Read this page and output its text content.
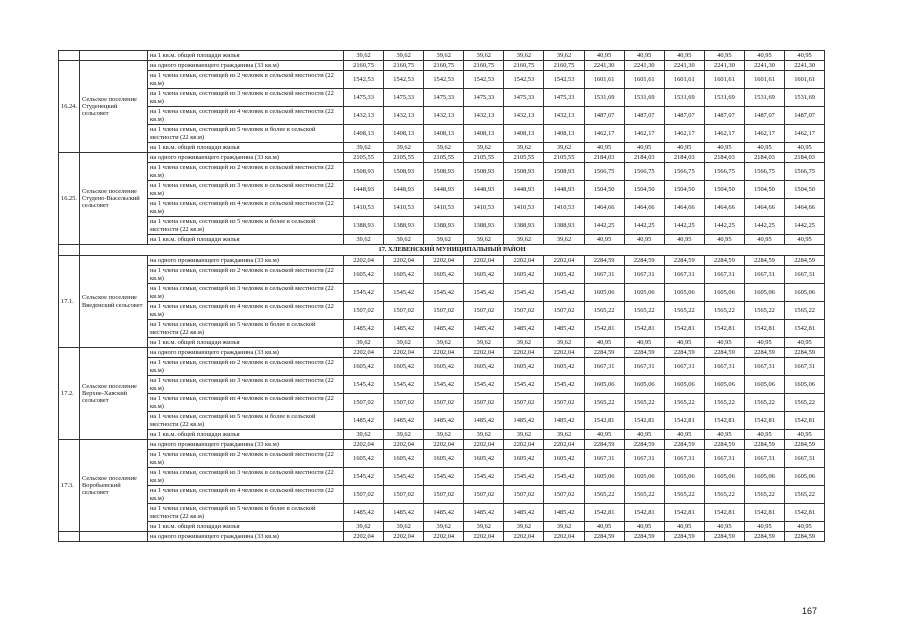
		на 1 кв.м. общей площади жилья	39,62	39,62	39,62	39,62	39,62	39,62	40,95	40,95	40,95	40,95	40,95	40,95
16.24.	Сельское поселение Студенецкий сельсовет	на одного проживающего гражданина (33 кв.м)	2160,75	2160,75	2160,75	2160,75	2160,75	2160,75	2241,30	2241,30	2241,30	2241,30	2241,30	2241,30
		на 1 члена семьи, состоящей из 2 человек в сельской местности (22 кв.м)	1542,53	1542,53	1542,53	1542,53	1542,53	1542,53	1601,61	1601,61	1601,61	1601,61	1601,61	1601,61
		на 1 члена семьи, состоящей из 3 человек в сельской местности (22 кв.м)	1475,33	1475,33	1475,33	1475,33	1475,33	1475,33	1531,69	1531,69	1531,69	1531,69	1531,69	1531,69
		на 1 члена семьи, состоящей из 4 человек в сельской местности (22 кв.м)	1432,13	1432,13	1432,13	1432,13	1432,13	1432,13	1487,07	1487,07	1487,07	1487,07	1487,07	1487,07
		на 1 члена семьи, состоящей из 5 человек и более в сельской местности (22 кв.м)	1408,13	1408,13	1408,13	1408,13	1408,13	1408,13	1462,17	1462,17	1462,17	1462,17	1462,17	1462,17
		на 1 кв.м. общей площади жилья	39,62	39,62	39,62	39,62	39,62	39,62	40,95	40,95	40,95	40,95	40,95	40,95
16.25.	Сельское поселение Студено-Высельский сельсовет	на одного проживающего гражданина (33 кв.м)	2105,55	2105,55	2105,55	2105,55	2105,55	2105,55	2184,03	2184,03	2184,03	2184,03	2184,03	2184,03
		на 1 члена семьи, состоящей из 2 человек в сельской местности (22 кв.м)	1508,93	1508,93	1508,93	1508,93	1508,93	1508,93	1566,75	1566,75	1566,75	1566,75	1566,75	1566,75
		на 1 члена семьи, состоящей из 3 человек в сельской местности (22 кв.м)	1448,93	1448,93	1448,93	1448,93	1448,93	1448,93	1504,50	1504,50	1504,50	1504,50	1504,50	1504,50
		на 1 члена семьи, состоящей из 4 человек в сельской местности (22 кв.м)	1410,53	1410,53	1410,53	1410,53	1410,53	1410,53	1464,66	1464,66	1464,66	1464,66	1464,66	1464,66
		на 1 члена семьи, состоящей из 5 человек и более в сельской местности (22 кв.м)	1388,93	1388,93	1388,93	1388,93	1388,93	1388,93	1442,25	1442,25	1442,25	1442,25	1442,25	1442,25
		на 1 кв.м. общей площади жилья	39,62	39,62	39,62	39,62	39,62	39,62	40,95	40,95	40,95	40,95	40,95	40,95
	17. ХЛЕВЕНСКИЙ МУНИЦИПАЛЬНЫЙ РАЙОН													
17.1.	Сельское поселение Введенский сельсовет	на одного проживающего гражданина (33 кв.м)	2202,04	2202,04	2202,04	2202,04	2202,04	2202,04	2284,59	2284,59	2284,59	2284,59	2284,59	2284,59
		на 1 члена семьи, состоящей из 2 человек в сельской местности (22 кв.м)	1605,42	1605,42	1605,42	1605,42	1605,42	1605,42	1667,31	1667,31	1667,31	1667,31	1667,31	1667,31
		на 1 члена семьи, состоящей из 3 человек в сельской местности (22 кв.м)	1545,42	1545,42	1545,42	1545,42	1545,42	1545,42	1605,06	1605,06	1605,06	1605,06	1605,06	1605,06
		на 1 члена семьи, состоящей из 4 человек в сельской местности (22 кв.м)	1507,02	1507,02	1507,02	1507,02	1507,02	1507,02	1565,22	1565,22	1565,22	1565,22	1565,22	1565,22
		на 1 члена семьи, состоящей из 5 человек и более в сельской местности (22 кв.м)	1485,42	1485,42	1485,42	1485,42	1485,42	1485,42	1542,81	1542,81	1542,81	1542,81	1542,81	1542,81
		на 1 кв.м. общей площади жилья	39,62	39,62	39,62	39,62	39,62	39,62	40,95	40,95	40,95	40,95	40,95	40,95
17.2.	Сельское поселение Верхне-Хавский сельсовет	на одного проживающего гражданина (33 кв.м)	2202,04	2202,04	2202,04	2202,04	2202,04	2202,04	2284,59	2284,59	2284,59	2284,59	2284,59	2284,59
		на 1 члена семьи, состоящей из 2 человек в сельской местности (22 кв.м)	1605,42	1605,42	1605,42	1605,42	1605,42	1605,42	1667,31	1667,31	1667,31	1667,31	1667,31	1667,31
		на 1 члена семьи, состоящей из 3 человек в сельской местности (22 кв.м)	1545,42	1545,42	1545,42	1545,42	1545,42	1545,42	1605,06	1605,06	1605,06	1605,06	1605,06	1605,06
		на 1 члена семьи, состоящей из 4 человек в сельской местности (22 кв.м)	1507,02	1507,02	1507,02	1507,02	1507,02	1507,02	1565,22	1565,22	1565,22	1565,22	1565,22	1565,22
		на 1 члена семьи, состоящей из 5 человек и более в сельской местности (22 кв.м)	1485,42	1485,42	1485,42	1485,42	1485,42	1485,42	1542,81	1542,81	1542,81	1542,81	1542,81	1542,81
		на 1 кв.м. общей площади жилья	39,62	39,62	39,62	39,62	39,62	39,62	40,95	40,95	40,95	40,95	40,95	40,95
17.3.	Сельское поселение Воробьевский сельсовет	на одного проживающего гражданина (33 кв.м)	2202,04	2202,04	2202,04	2202,04	2202,04	2202,04	2284,59	2284,59	2284,59	2284,59	2284,59	2284,59
		на 1 члена семьи, состоящей из 2 человек в сельской местности (22 кв.м)	1605,42	1605,42	1605,42	1605,42	1605,42	1605,42	1667,31	1667,31	1667,31	1667,31	1667,31	1667,31
		на 1 члена семьи, состоящей из 3 человек в сельской местности (22 кв.м)	1545,42	1545,42	1545,42	1545,42	1545,42	1545,42	1605,06	1605,06	1605,06	1605,06	1605,06	1605,06
		на 1 члена семьи, состоящей из 4 человек в сельской местности (22 кв.м)	1507,02	1507,02	1507,02	1507,02	1507,02	1507,02	1565,22	1565,22	1565,22	1565,22	1565,22	1565,22
		на 1 члена семьи, состоящей из 5 человек и более в сельской местности (22 кв.м)	1485,42	1485,42	1485,42	1485,42	1485,42	1485,42	1542,81	1542,81	1542,81	1542,81	1542,81	1542,81
		на 1 кв.м. общей площади жилья	39,62	39,62	39,62	39,62	39,62	39,62	40,95	40,95	40,95	40,95	40,95	40,95
		на одного проживающего гражданина (33 кв.м)	2202,04	2202,04	2202,04	2202,04	2202,04	2202,04	2284,59	2284,59	2284,59	2284,59	2284,59	2284,59
167
